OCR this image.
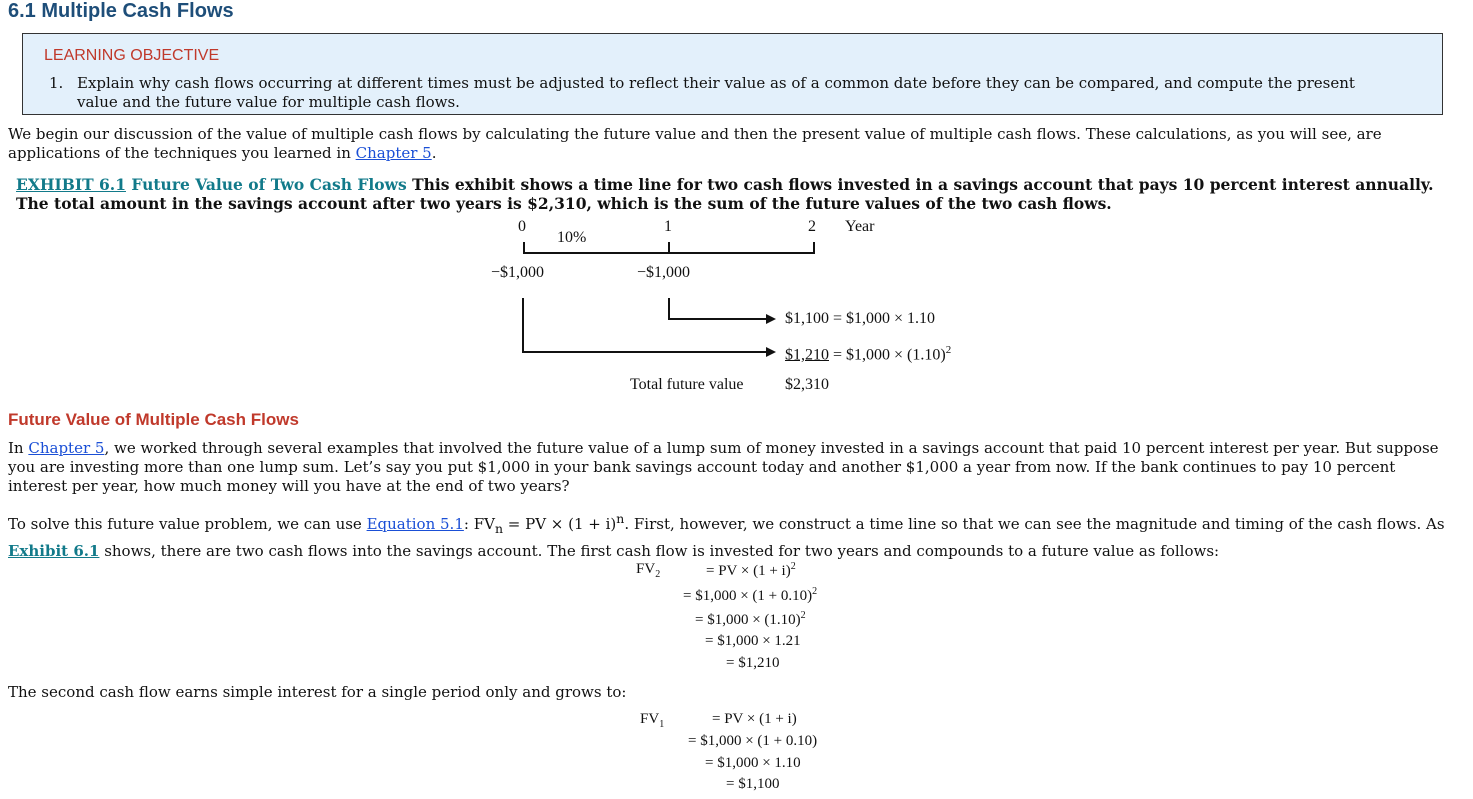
6.1 Multiple Cash Flows
LEARNING OBJECTIVE
1. Explain why cash flows occurring at different times must be adjusted to reflect their value as of a common date before they can be compared, and compute the present value and the future value for multiple cash flows.
We begin our discussion of the value of multiple cash flows by calculating the future value and then the present value of multiple cash flows. These calculations, as you will see, are applications of the techniques you learned in Chapter 5.
EXHIBIT 6.1 Future Value of Two Cash Flows This exhibit shows a time line for two cash flows invested in a savings account that pays 10 percent interest annually. The total amount in the savings account after two years is $2,310, which is the sum of the future values of the two cash flows.
0	1	2 Year
10%
−$1,000	−$1,000
$1,100 = $1,000 × 1.10
$1,210 = $1,000 × $(1.10)^2$
Total future value	$2,310
Future Value of Multiple Cash Flows
In Chapter 5, we worked through several examples that involved the future value of a lump sum of money invested in a savings account that paid 10 percent interest per year. But suppose you are investing more than one lump sum. Let’s say you put $1,000 in your bank savings account today and another $1,000 a year from now. If the bank continues to pay 10 percent interest per year, how much money will you have at the end of two years?
To solve this future value problem, we can use Equation 5.1: $FV_n$ = PV × $(1 + i)^n$. First, however, we construct a time line so that we can see the magnitude and timing of the cash flows. As Exhibit 6.1 shows, there are two cash flows into the savings account. The first cash flow is invested for two years and compounds to a future value as follows:
$FV_2$	= PV × $(1 + i)^2$
= $1,000 × $(1 + 0.10)^2$
= $1,000 × $(1.10)^2$
= $1,000 × 1.21
= $1,210
The second cash flow earns simple interest for a single period only and grows to:
$FV_1$	= PV × (1 + i)
= $1,000 × (1 + 0.10)
= $1,000 × 1.10
= $1,100
